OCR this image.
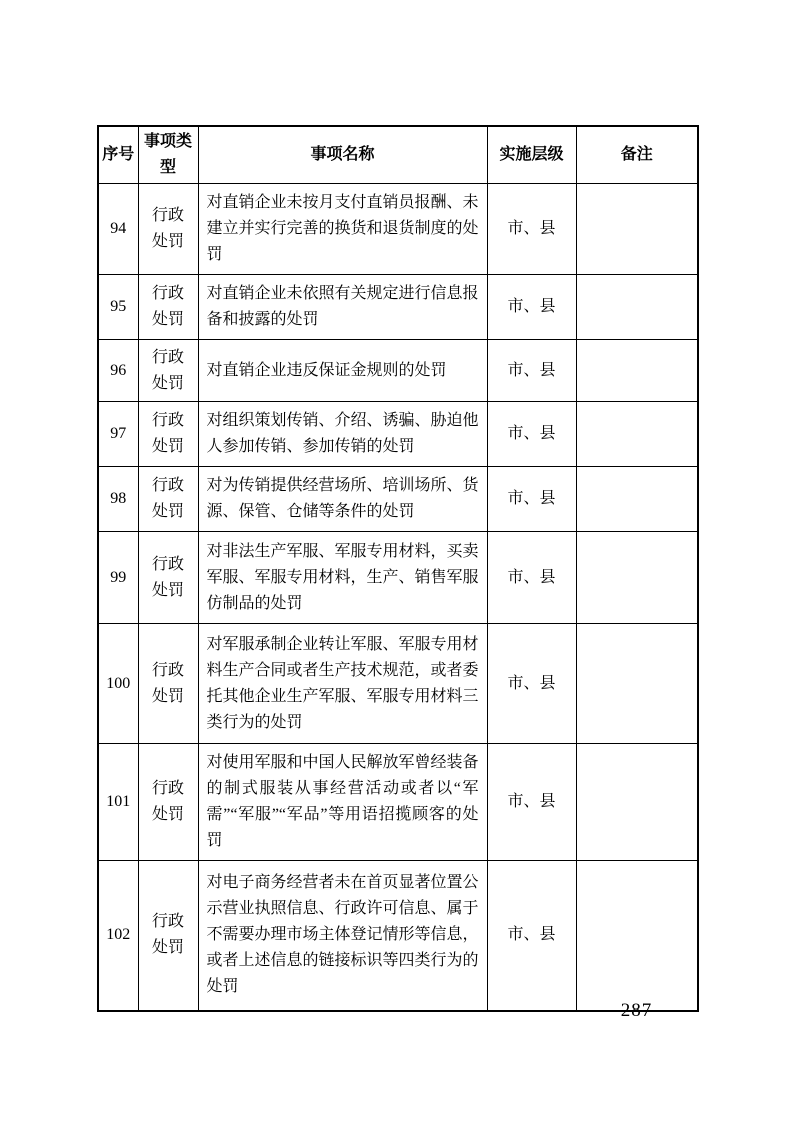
序号	事项类型	事项名称	实施层级	备注
94	行政处罚	对直销企业未按月支付直销员报酬、未建立并实行完善的换货和退货制度的处罚	市、县	
95	行政处罚	对直销企业未依照有关规定进行信息报备和披露的处罚	市、县	
96	行政处罚	对直销企业违反保证金规则的处罚	市、县	
97	行政处罚	对组织策划传销、介绍、诱骗、胁迫他人参加传销、参加传销的处罚	市、县	
98	行政处罚	对为传销提供经营场所、培训场所、货源、保管、仓储等条件的处罚	市、县	
99	行政处罚	对非法生产军服、军服专用材料，买卖军服、军服专用材料，生产、销售军服仿制品的处罚	市、县	
100	行政处罚	对军服承制企业转让军服、军服专用材料生产合同或者生产技术规范，或者委托其他企业生产军服、军服专用材料三类行为的处罚	市、县	
101	行政处罚	对使用军服和中国人民解放军曾经装备的制式服装从事经营活动或者以“军需”“军服”“军品”等用语招揽顾客的处罚	市、县	
102	行政处罚	对电子商务经营者未在首页显著位置公示营业执照信息、行政许可信息、属于不需要办理市场主体登记情形等信息，或者上述信息的链接标识等四类行为的处罚	市、县	
— 287 —
